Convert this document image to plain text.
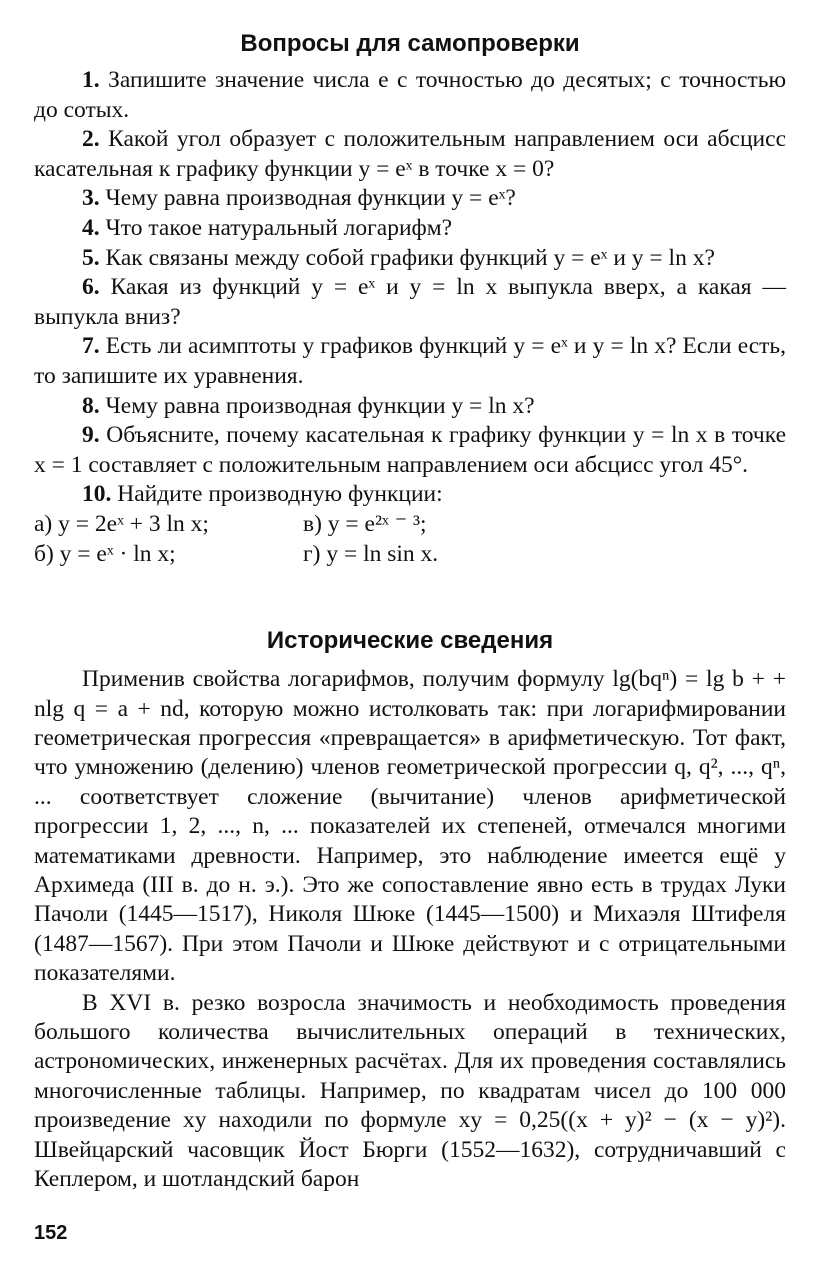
Вопросы для самопроверки

1. Запишите значение числа e с точностью до десятых; с точностью до сотых.

2. Какой угол образует с положительным направлением оси абсцисс касательная к графику функции y = eˣ в точке x = 0?

3. Чему равна производная функции y = eˣ?

4. Что такое натуральный логарифм?

5. Как связаны между собой графики функций y = eˣ и y = ln x?

6. Какая из функций y = eˣ и y = ln x выпукла вверх, а какая — выпукла вниз?

7. Есть ли асимптоты у графиков функций y = eˣ и y = ln x? Если есть, то запишите их уравнения.

8. Чему равна производная функции y = ln x?

9. Объясните, почему касательная к графику функции y = ln x в точке x = 1 составляет с положительным направлением оси абсцисс угол 45°.

10. Найдите производную функции:

а) y = 2eˣ + 3 ln x;	в) y = e²ˣ ⁻ ³;
б) y = eˣ · ln x;	г) y = ln sin x.
Исторические сведения

Применив свойства логарифмов, получим формулу lg(bqⁿ) = lg b + + nlg q = a + nd, которую можно истолковать так: при логарифмировании геометрическая прогрессия «превращается» в арифметическую. Тот факт, что умножению (делению) членов геометрической прогрессии q, q², ..., qⁿ, ... соответствует сложение (вычитание) членов арифметической прогрессии 1, 2, ..., n, ... показателей их степеней, отмечался многими математиками древности. Например, это наблюдение имеется ещё у Архимеда (III в. до н. э.). Это же сопоставление явно есть в трудах Луки Пачоли (1445—1517), Николя Шюке (1445—1500) и Михаэля Штифеля (1487—1567). При этом Пачоли и Шюке действуют и с отрицательными показателями.

В XVI в. резко возросла значимость и необходимость проведения большого количества вычислительных операций в технических, астрономических, инженерных расчётах. Для их проведения составлялись многочисленные таблицы. Например, по квадратам чисел до 100 000 произведение xy находили по формуле xy = 0,25((x + y)² − (x − y)²). Швейцарский часовщик Йост Бюрги (1552—1632), сотрудничавший с Кеплером, и шотландский барон

152
